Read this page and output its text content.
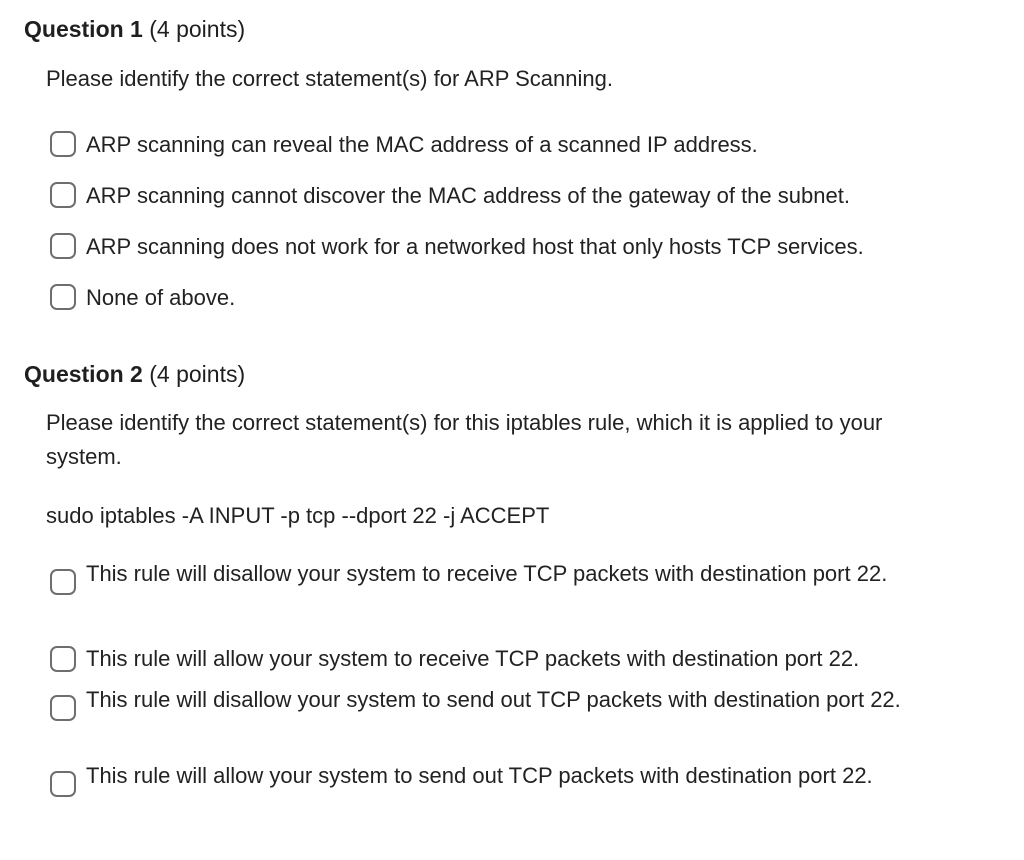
Question 1 (4 points)
Please identify the correct statement(s) for ARP Scanning.
ARP scanning can reveal the MAC address of a scanned IP address.
ARP scanning cannot discover the MAC address of the gateway of the subnet.
ARP scanning does not work for a networked host that only hosts TCP services.
None of above.
Question 2 (4 points)
Please identify the correct statement(s) for this iptables rule, which it is applied to your system.
sudo iptables -A INPUT -p tcp --dport 22 -j ACCEPT
This rule will disallow your system to receive TCP packets with destination port 22.
This rule will allow your system to receive TCP packets with destination port 22.
This rule will disallow your system to send out TCP packets with destination port 22.
This rule will allow your system to send out TCP packets with destination port 22.
